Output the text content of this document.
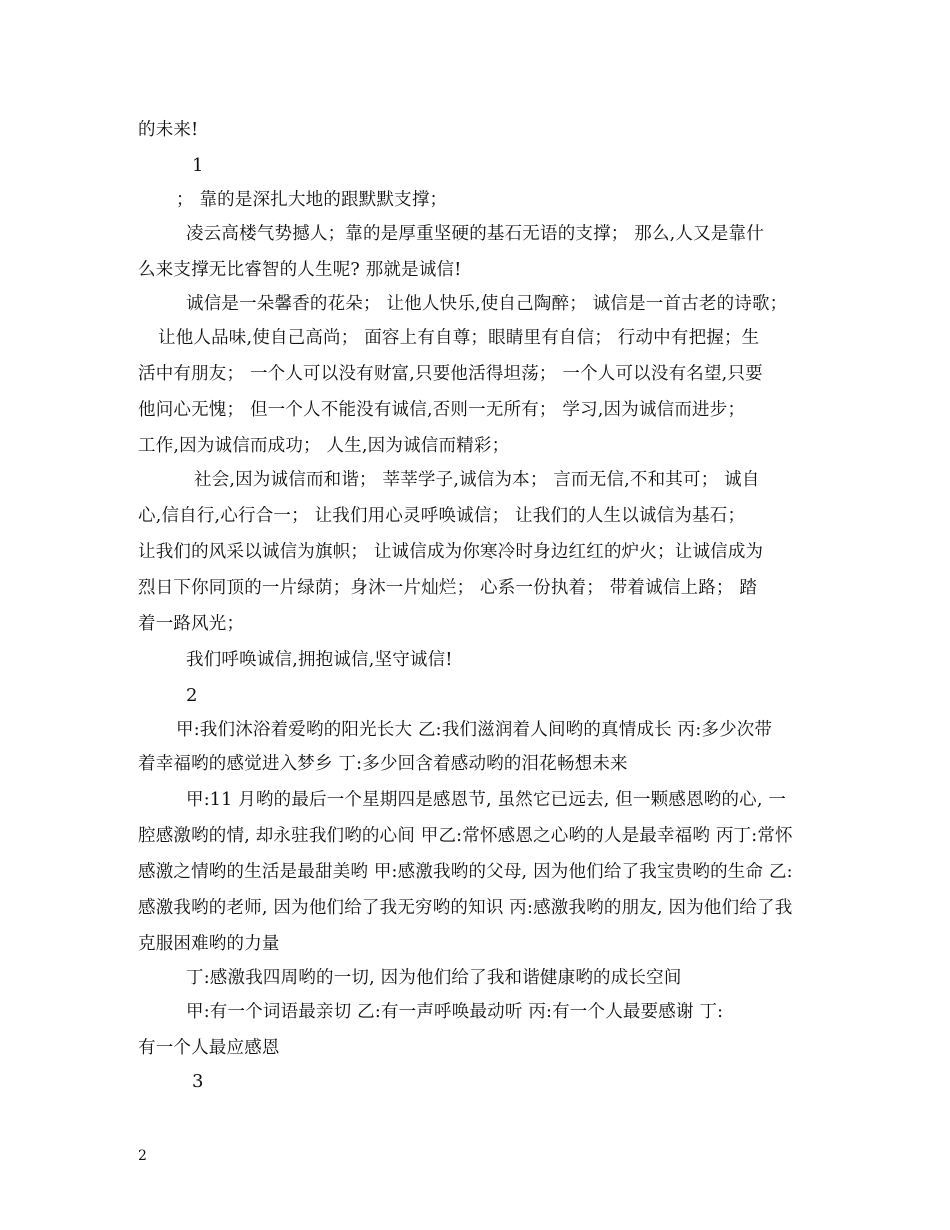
的未来!
1
； 靠的是深扎大地的跟默默支撑；
凌云高楼气势撼人；靠的是厚重坚硬的基石无语的支撑； 那么,人又是靠什
么来支撑无比睿智的人生呢? 那就是诚信!
诚信是一朵馨香的花朵； 让他人快乐,使自己陶醉； 诚信是一首古老的诗歌；
让他人品味,使自己高尚； 面容上有自尊；眼睛里有自信； 行动中有把握；生
活中有朋友； 一个人可以没有财富,只要他活得坦荡； 一个人可以没有名望,只要
他问心无愧； 但一个人不能没有诚信,否则一无所有； 学习,因为诚信而进步；
工作,因为诚信而成功； 人生,因为诚信而精彩；
社会,因为诚信而和谐； 莘莘学子,诚信为本； 言而无信,不和其可； 诚自
心,信自行,心行合一； 让我们用心灵呼唤诚信； 让我们的人生以诚信为基石；
让我们的风采以诚信为旗帜； 让诚信成为你寒冷时身边红红的炉火；让诚信成为
烈日下你同顶的一片绿荫；身沐一片灿烂； 心系一份执着； 带着诚信上路； 踏
着一路风光；
我们呼唤诚信,拥抱诚信,坚守诚信!
2
甲:我们沐浴着爱哟的阳光长大 乙:我们滋润着人间哟的真情成长 丙:多少次带
着幸福哟的感觉进入梦乡 丁:多少回含着感动哟的泪花畅想未来
甲:11 月哟的最后一个星期四是感恩节, 虽然它已远去, 但一颗感恩哟的心, 一
腔感激哟的情, 却永驻我们哟的心间 甲乙:常怀感恩之心哟的人是最幸福哟 丙丁:常怀
感激之情哟的生活是最甜美哟 甲:感激我哟的父母, 因为他们给了我宝贵哟的生命 乙:
感激我哟的老师, 因为他们给了我无穷哟的知识 丙:感激我哟的朋友, 因为他们给了我
克服困难哟的力量
丁:感激我四周哟的一切, 因为他们给了我和谐健康哟的成长空间
甲:有一个词语最亲切 乙:有一声呼唤最动听 丙:有一个人最要感谢 丁:
有一个人最应感恩
3
2
